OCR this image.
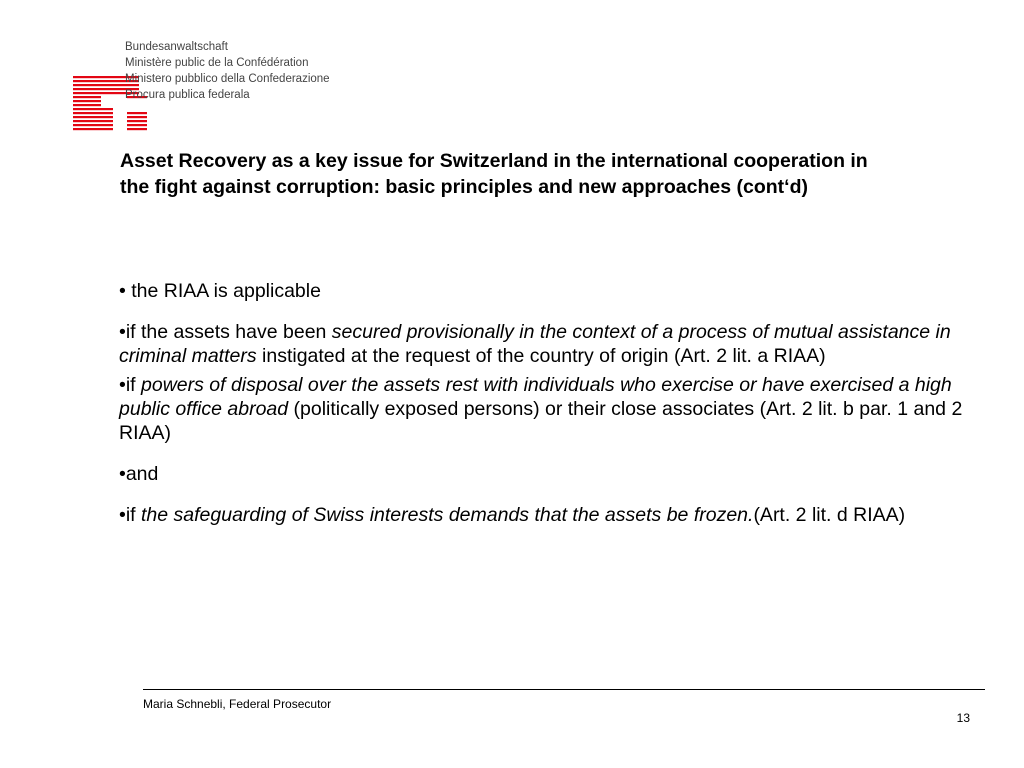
Bundesanwaltschaft
Ministère public de la Confédération
Ministero pubblico della Confederazione
Procura publica federala
Asset Recovery as a key issue for Switzerland in the international cooperation in the fight against corruption: basic principles and new approaches (cont‘d)

• the RIAA is applicable

•if the assets have been secured provisionally in the context of a process of mutual assistance in criminal matters instigated at the request of the country of origin (Art. 2 lit. a RIAA)

•if powers of disposal over the assets rest with individuals who exercise or have exercised a high public office abroad (politically exposed persons) or their close associates (Art. 2 lit. b par. 1 and 2 RIAA)

•and

•if the safeguarding of Swiss interests demands that the assets be frozen.(Art. 2 lit. d RIAA)

Maria Schnebli, Federal Prosecutor
13
